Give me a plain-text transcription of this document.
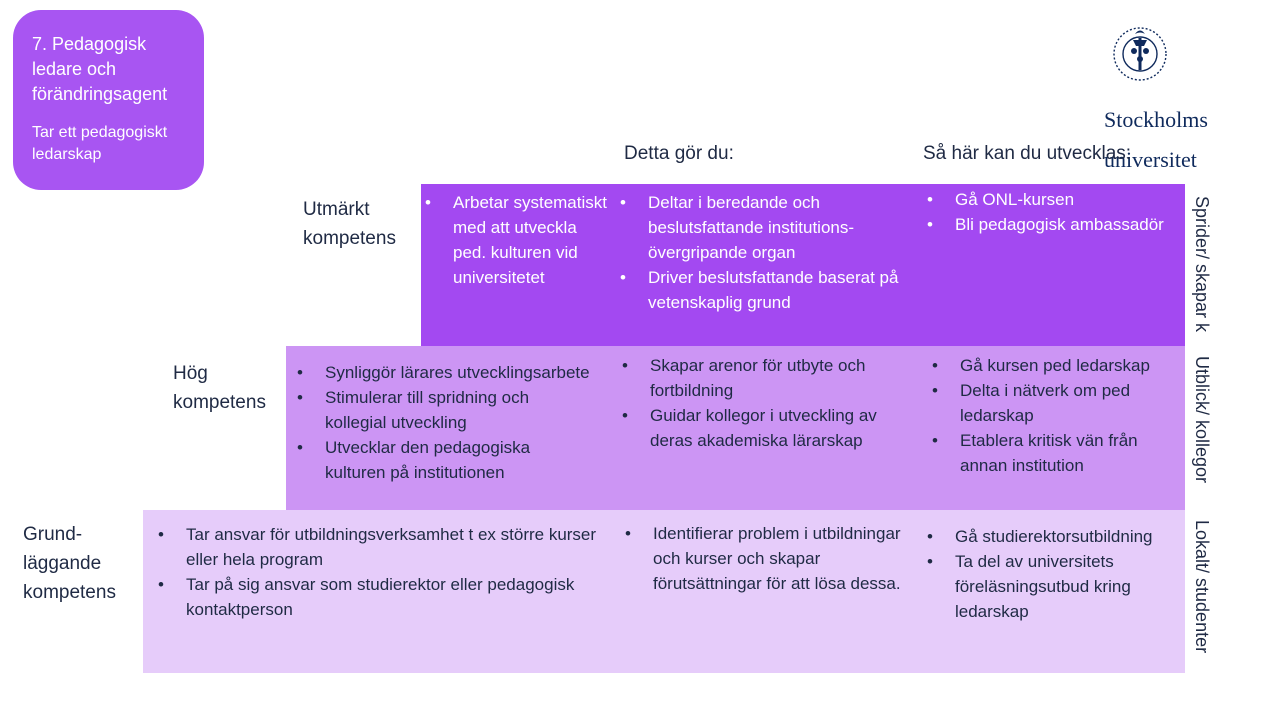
7. Pedagogisk
ledare och
förändringsagent
Tar ett pedagogiskt
ledarskap

Stockholms

universitet

Detta gör du:	Så här kan du utvecklas:
Utmärkt
kompetens
Hög
kompetens
Grund-
läggande
kompetens
• Arbetar systematiskt med att utveckla ped. kulturen vid universitetet
• Deltar i beredande och beslutsfattande institutions-övergripande organ
• Driver beslutsfattande baserat på vetenskaplig grund
• Gå ONL-kursen
• Bli pedagogisk ambassadör
• Synliggör lärares utvecklingsarbete
• Stimulerar till spridning och kollegial utveckling
• Utvecklar den pedagogiska kulturen på institutionen
• Skapar arenor för utbyte och fortbildning
• Guidar kollegor i utveckling av deras akademiska lärarskap
• Gå kursen ped ledarskap
• Delta i nätverk om ped ledarskap
• Etablera kritisk vän från annan institution
• Tar ansvar för utbildningsverksamhet t ex större kurser eller hela program
• Tar på sig ansvar som studierektor eller pedagogisk kontaktperson
• Identifierar problem i utbildningar och kurser och skapar förutsättningar för att lösa dessa.
• Gå studierektorsutbildning
• Ta del av universitets föreläsningsutbud kring ledarskap
Sprider/ skapar k
Utblick/ kollegor
Lokalt/ studenter
